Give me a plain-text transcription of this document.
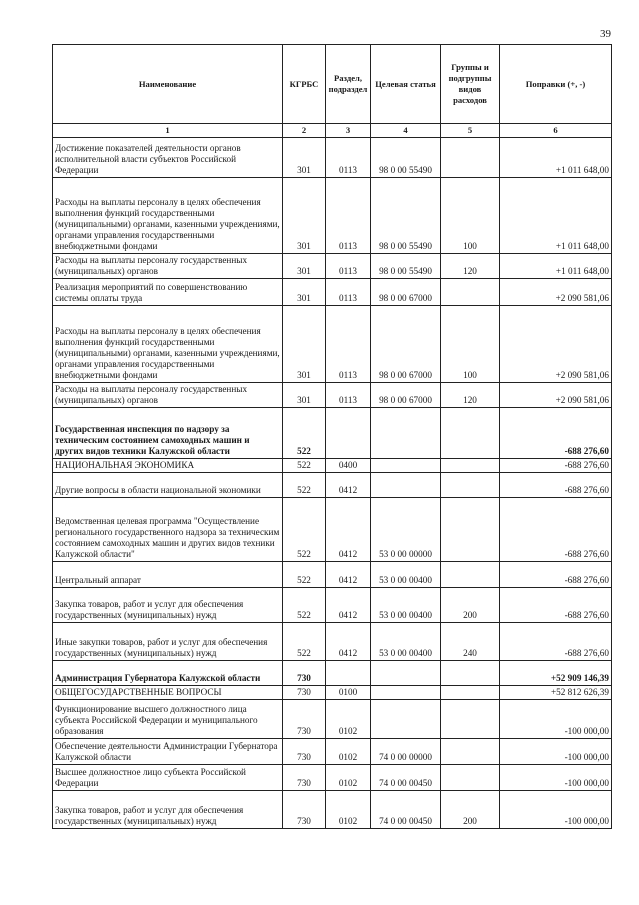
39
Наименование	КГРБС	Раздел, подраздел	Целевая статья	Группы и подгруппы видов расходов	Поправки (+, -)
1	2	3	4	5	6
Достижение показателей деятельности органов исполнительной власти субъектов Российской Федерации	301	0113	98 0 00 55490		+1 011 648,00
Расходы на выплаты персоналу в целях обеспечения выполнения функций государственными (муниципальными) органами, казенными учреждениями, органами управления государственными внебюджетными фондами	301	0113	98 0 00 55490	100	+1 011 648,00
Расходы на выплаты персоналу государственных (муниципальных) органов	301	0113	98 0 00 55490	120	+1 011 648,00
Реализация мероприятий по совершенствованию системы оплаты труда	301	0113	98 0 00 67000		+2 090 581,06
Расходы на выплаты персоналу в целях обеспечения выполнения функций государственными (муниципальными) органами, казенными учреждениями, органами управления государственными внебюджетными фондами	301	0113	98 0 00 67000	100	+2 090 581,06
Расходы на выплаты персоналу государственных (муниципальных) органов	301	0113	98 0 00 67000	120	+2 090 581,06
Государственная инспекция по надзору за техническим состоянием самоходных машин и других видов техники Калужской области	522				-688 276,60
НАЦИОНАЛЬНАЯ ЭКОНОМИКА	522	0400			-688 276,60
Другие вопросы в области национальной экономики	522	0412			-688 276,60
Ведомственная целевая программа "Осуществление регионального государственного надзора за техническим состоянием самоходных машин и других видов техники Калужской области"	522	0412	53 0 00 00000		-688 276,60
Центральный аппарат	522	0412	53 0 00 00400		-688 276,60
Закупка товаров, работ и услуг для обеспечения государственных (муниципальных) нужд	522	0412	53 0 00 00400	200	-688 276,60
Иные закупки товаров, работ и услуг для обеспечения государственных (муниципальных) нужд	522	0412	53 0 00 00400	240	-688 276,60
Администрация Губернатора Калужской области	730				+52 909 146,39
ОБЩЕГОСУДАРСТВЕННЫЕ ВОПРОСЫ	730	0100			+52 812 626,39
Функционирование высшего должностного лица субъекта Российской Федерации и муниципального образования	730	0102			-100 000,00
Обеспечение деятельности Администрации Губернатора Калужской области	730	0102	74 0 00 00000		-100 000,00
Высшее должностное лицо субъекта Российской Федерации	730	0102	74 0 00 00450		-100 000,00
Закупка товаров, работ и услуг для обеспечения государственных (муниципальных) нужд	730	0102	74 0 00 00450	200	-100 000,00
